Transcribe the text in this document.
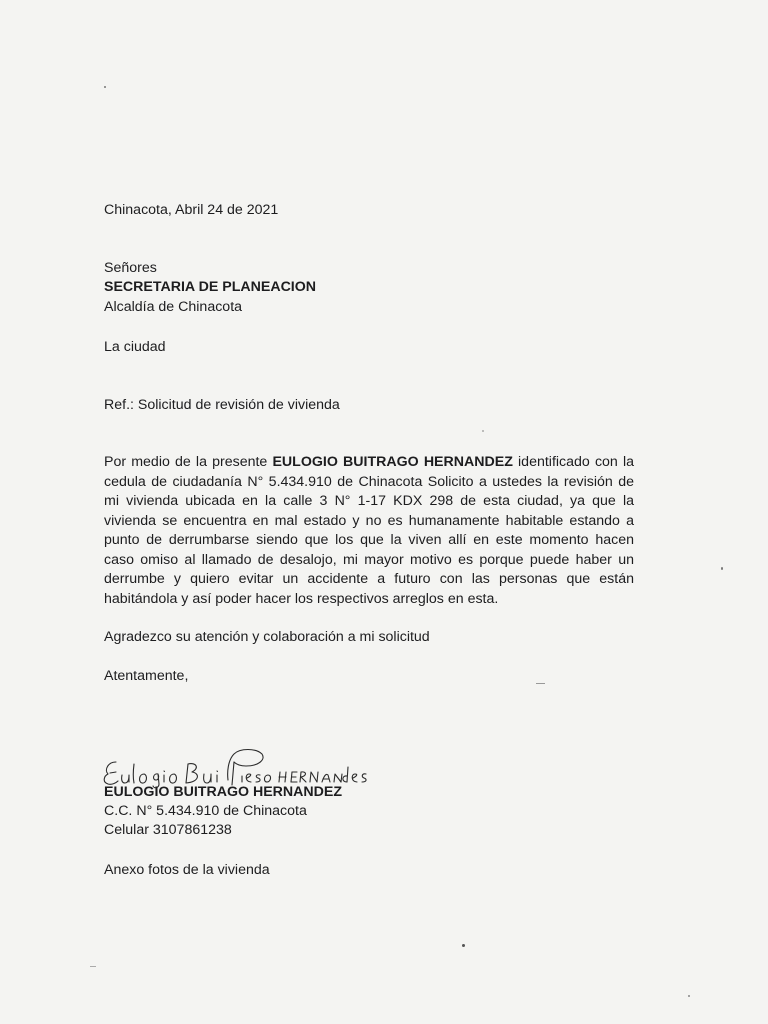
Chinacota, Abril 24 de 2021
Señores
SECRETARIA DE PLANEACION
Alcaldía de Chinacota
La ciudad
Ref.: Solicitud de revisión de vivienda
Por medio de la presente EULOGIO BUITRAGO HERNANDEZ identificado con la
cedula de ciudadanía N° 5.434.910 de Chinacota Solicito a ustedes la revisión de
mi vivienda ubicada en la calle 3 N° 1-17 KDX 298 de esta ciudad, ya que la
vivienda se encuentra en mal estado y no es humanamente habitable estando a
punto de derrumbarse siendo que los que la viven allí en este momento hacen
caso omiso al llamado de desalojo, mi mayor motivo es porque puede haber un
derrumbe y quiero evitar un accidente a futuro con las personas que están
habitándola y así poder hacer los respectivos arreglos en esta.
Agradezco su atención y colaboración a mi solicitud
Atentamente,
EULOGIO BUITRAGO HERNANDEZ
C.C. N° 5.434.910 de Chinacota
Celular 3107861238
Anexo fotos de la vivienda
